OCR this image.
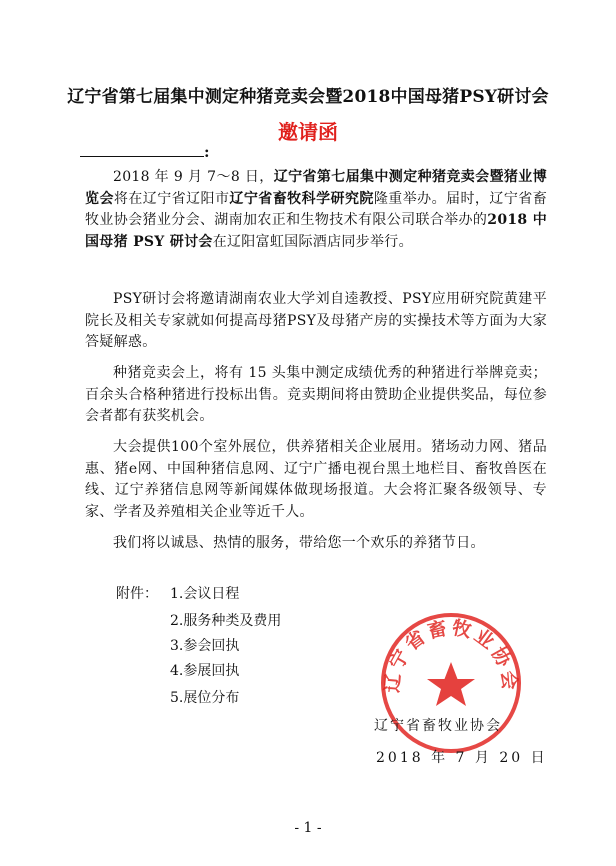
辽宁省第七届集中测定种猪竞卖会暨2018中国母猪PSY研讨会
邀请函
:
2018 年 9 月 7～8 日，辽宁省第七届集中测定种猪竞卖会暨猪业博览会将在辽宁省辽阳市辽宁省畜牧科学研究院隆重举办。届时，辽宁省畜牧业协会猪业分会、湖南加农正和生物技术有限公司联合举办的2018 中国母猪 PSY 研讨会在辽阳富虹国际酒店同步举行。
PSY研讨会将邀请湖南农业大学刘自逵教授、PSY应用研究院黄建平院长及相关专家就如何提高母猪PSY及母猪产房的实操技术等方面为大家答疑解惑。
种猪竞卖会上，将有 15 头集中测定成绩优秀的种猪进行举牌竞卖；百余头合格种猪进行投标出售。竞卖期间将由赞助企业提供奖品，每位参会者都有获奖机会。
大会提供100个室外展位，供养猪相关企业展用。猪场动力网、猪品惠、猪e网、中国种猪信息网、辽宁广播电视台黑土地栏目、畜牧兽医在线、辽宁养猪信息网等新闻媒体做现场报道。大会将汇聚各级领导、专家、学者及养殖相关企业等近千人。
我们将以诚恳、热情的服务，带给您一个欢乐的养猪节日。
附件： 1.会议日程
2.服务种类及费用
3.参会回执
4.参展回执
5.展位分布
辽宁省畜牧业协会
辽宁省畜牧业协会
2018 年 7 月 20 日
- 1 -
